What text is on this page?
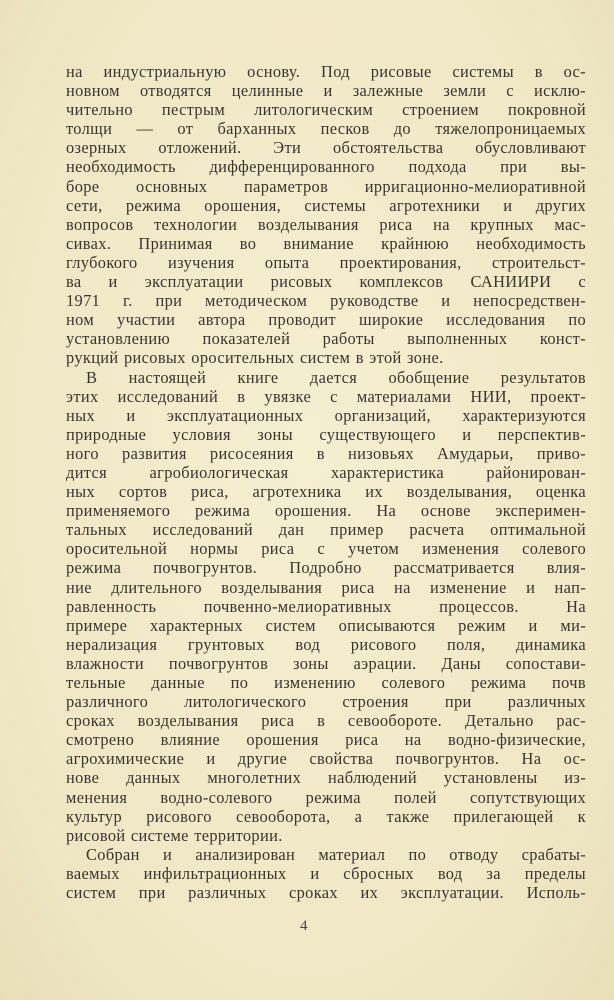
на индустриальную основу. Под рисовые системы в ос-
новном отводятся целинные и залежные земли с исклю-
чительно пестрым литологическим строением покровной
толщи — от барханных песков до тяжелопроницаемых
озерных отложений. Эти обстоятельства обусловливают
необходимость дифференцированного подхода при вы-
боре основных параметров ирригационно-мелиоративной
сети, режима орошения, системы агротехники и других
вопросов технологии возделывания риса на крупных мас-
сивах. Принимая во внимание крайнюю необходимость
глубокого изучения опыта проектирования, строительст-
ва и эксплуатации рисовых комплексов САНИИРИ с
1971 г. при методическом руководстве и непосредствен-
ном участии автора проводит широкие исследования по
установлению показателей работы выполненных конст-
рукций рисовых оросительных систем в этой зоне.
В настоящей книге дается обобщение результатов
этих исследований в увязке с материалами НИИ, проект-
ных и эксплуатационных организаций, характеризуются
природные условия зоны существующего и перспектив-
ного развития рисосеяния в низовьях Амударьи, приво-
дится агробиологическая характеристика районирован-
ных сортов риса, агротехника их возделывания, оценка
применяемого режима орошения. На основе эксперимен-
тальных исследований дан пример расчета оптимальной
оросительной нормы риса с учетом изменения солевого
режима почвогрунтов. Подробно рассматривается влия-
ние длительного возделывания риса на изменение и нап-
равленность почвенно-мелиоративных процессов. На
примере характерных систем описываются режим и ми-
нерализация грунтовых вод рисового поля, динамика
влажности почвогрунтов зоны аэрации. Даны сопостави-
тельные данные по изменению солевого режима почв
различного литологического строения при различных
сроках возделывания риса в севообороте. Детально рас-
смотрено влияние орошения риса на водно-физические,
агрохимические и другие свойства почвогрунтов. На ос-
нове данных многолетних наблюдений установлены из-
менения водно-солевого режима полей сопутствующих
культур рисового севооборота, а также прилегающей к
рисовой системе территории.
Собран и анализирован материал по отводу срабаты-
ваемых инфильтрационных и сбросных вод за пределы
систем при различных сроках их эксплуатации. Исполь-
4
